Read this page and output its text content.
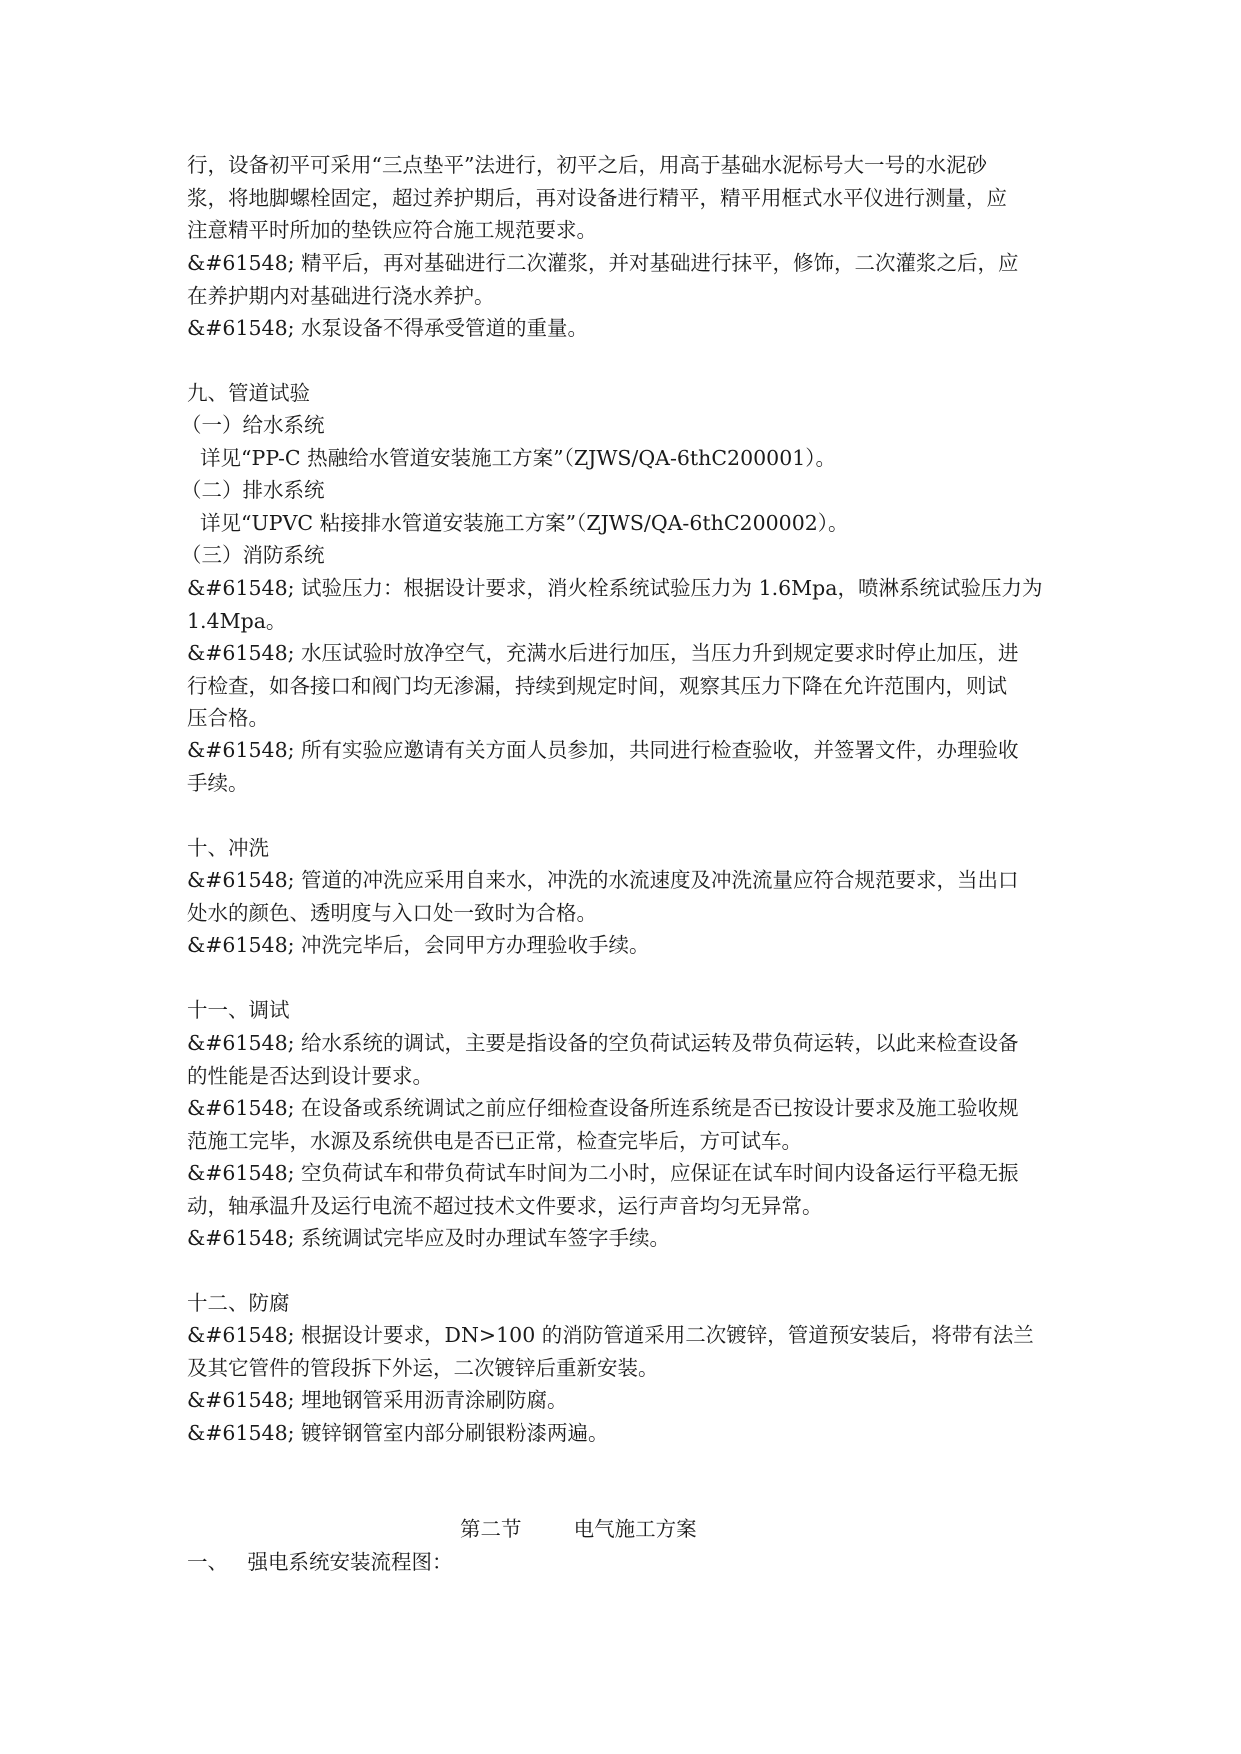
行，设备初平可采用“三点垫平”法进行，初平之后，用高于基础水泥标号大一号的水泥砂
浆，将地脚螺栓固定，超过养护期后，再对设备进行精平，精平用框式水平仪进行测量，应
注意精平时所加的垫铁应符合施工规范要求。

&#61548; 精平后，再对基础进行二次灌浆，并对基础进行抹平，修饰，二次灌浆之后，应
在养护期内对基础进行浇水养护。

&#61548; 水泵设备不得承受管道的重量。

九、管道试验

（一）给水系统

详见“PP-C 热融给水管道安装施工方案”（ZJWS/QA-6thC200001）。

（二）排水系统

详见“UPVC 粘接排水管道安装施工方案”（ZJWS/QA-6thC200002）。

（三）消防系统

&#61548; 试验压力：根据设计要求，消火栓系统试验压力为 1.6Mpa，喷淋系统试验压力为
1.4Mpa。

&#61548; 水压试验时放净空气，充满水后进行加压，当压力升到规定要求时停止加压，进
行检查，如各接口和阀门均无渗漏，持续到规定时间，观察其压力下降在允许范围内，则试
压合格。

&#61548; 所有实验应邀请有关方面人员参加，共同进行检查验收，并签署文件，办理验收
手续。

十、冲洗

&#61548; 管道的冲洗应采用自来水，冲洗的水流速度及冲洗流量应符合规范要求，当出口
处水的颜色、透明度与入口处一致时为合格。

&#61548; 冲洗完毕后，会同甲方办理验收手续。

十一、调试

&#61548; 给水系统的调试，主要是指设备的空负荷试运转及带负荷运转，以此来检查设备
的性能是否达到设计要求。

&#61548; 在设备或系统调试之前应仔细检查设备所连系统是否已按设计要求及施工验收规
范施工完毕，水源及系统供电是否已正常，检查完毕后，方可试车。

&#61548; 空负荷试车和带负荷试车时间为二小时，应保证在试车时间内设备运行平稳无振
动，轴承温升及运行电流不超过技术文件要求，运行声音均匀无异常。

&#61548; 系统调试完毕应及时办理试车签字手续。

十二、防腐

&#61548; 根据设计要求，DN>100 的消防管道采用二次镀锌，管道预安装后，将带有法兰
及其它管件的管段拆下外运，二次镀锌后重新安装。

&#61548; 埋地钢管采用沥青涂刷防腐。

&#61548; 镀锌钢管室内部分刷银粉漆两遍。

第二节        电气施工方案

一、   强电系统安装流程图：
